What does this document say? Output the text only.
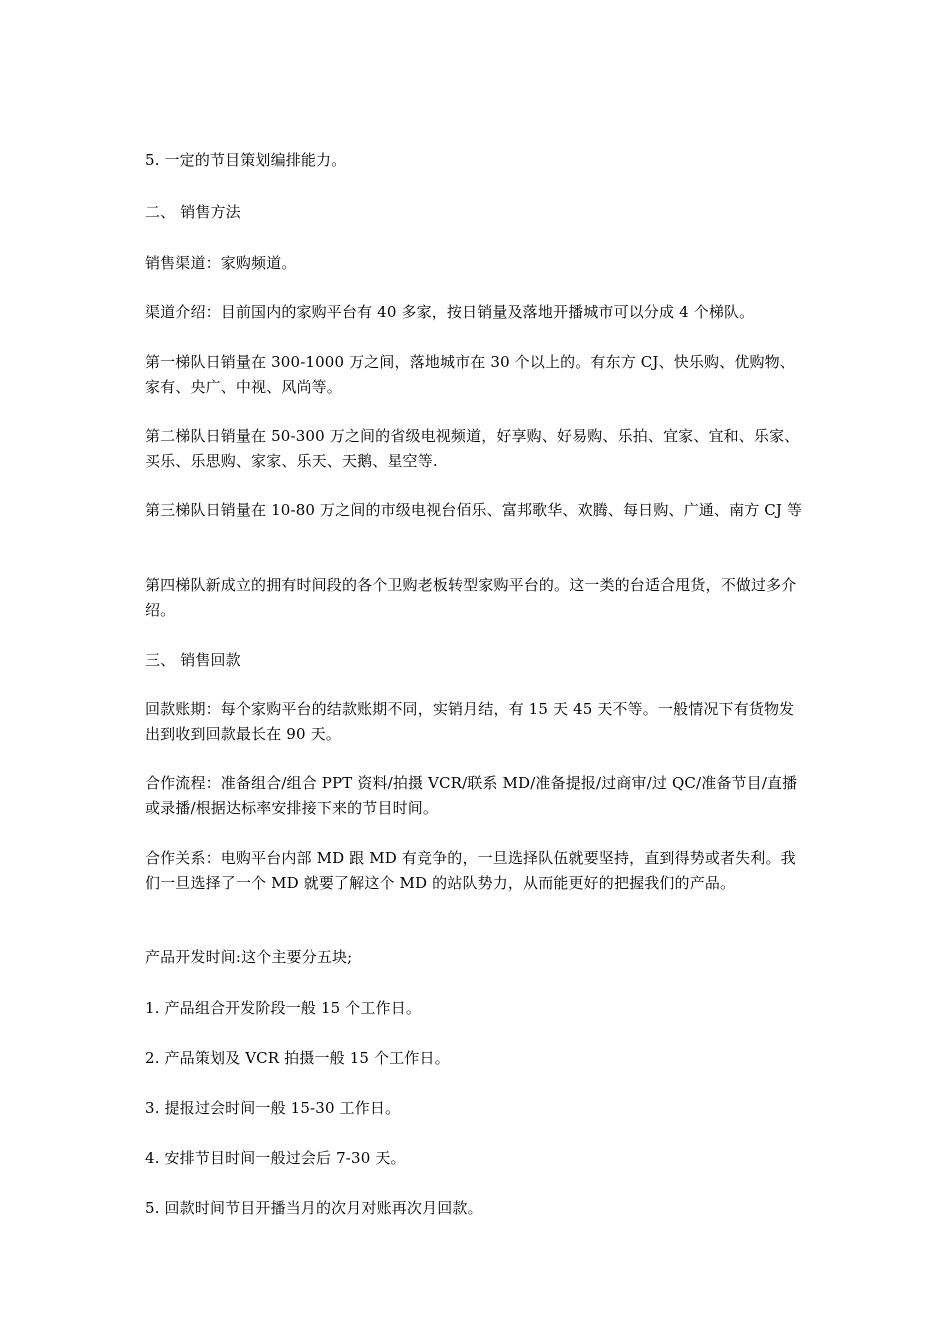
5. 一定的节目策划编排能力。

二、 销售方法

销售渠道：家购频道。

渠道介绍：目前国内的家购平台有 40 多家，按日销量及落地开播城市可以分成 4 个梯队。

第一梯队日销量在 300-1000 万之间，落地城市在 30 个以上的。有东方 CJ、快乐购、优购物、家有、央广、中视、风尚等。

第二梯队日销量在 50-300 万之间的省级电视频道，好享购、好易购、乐拍、宜家、宜和、乐家、买乐、乐思购、家家、乐天、天鹅、星空等.

第三梯队日销量在 10-80 万之间的市级电视台佰乐、富邦歌华、欢腾、每日购、广通、南方 CJ 等

第四梯队新成立的拥有时间段的各个卫购老板转型家购平台的。这一类的台适合甩货，不做过多介绍。

三、 销售回款

回款账期：每个家购平台的结款账期不同，实销月结，有 15 天 45 天不等。一般情况下有货物发出到收到回款最长在 90 天。

合作流程：准备组合/组合 PPT 资料/拍摄 VCR/联系 MD/准备提报/过商审/过 QC/准备节目/直播或录播/根据达标率安排接下来的节目时间。

合作关系：电购平台内部 MD 跟 MD 有竞争的，一旦选择队伍就要坚持，直到得势或者失利。我们一旦选择了一个 MD 就要了解这个 MD 的站队势力，从而能更好的把握我们的产品。

产品开发时间:这个主要分五块;

1. 产品组合开发阶段一般 15 个工作日。

2. 产品策划及 VCR 拍摄一般 15 个工作日。

3. 提报过会时间一般 15-30 工作日。

4. 安排节目时间一般过会后 7-30 天。

5. 回款时间节目开播当月的次月对账再次月回款。
